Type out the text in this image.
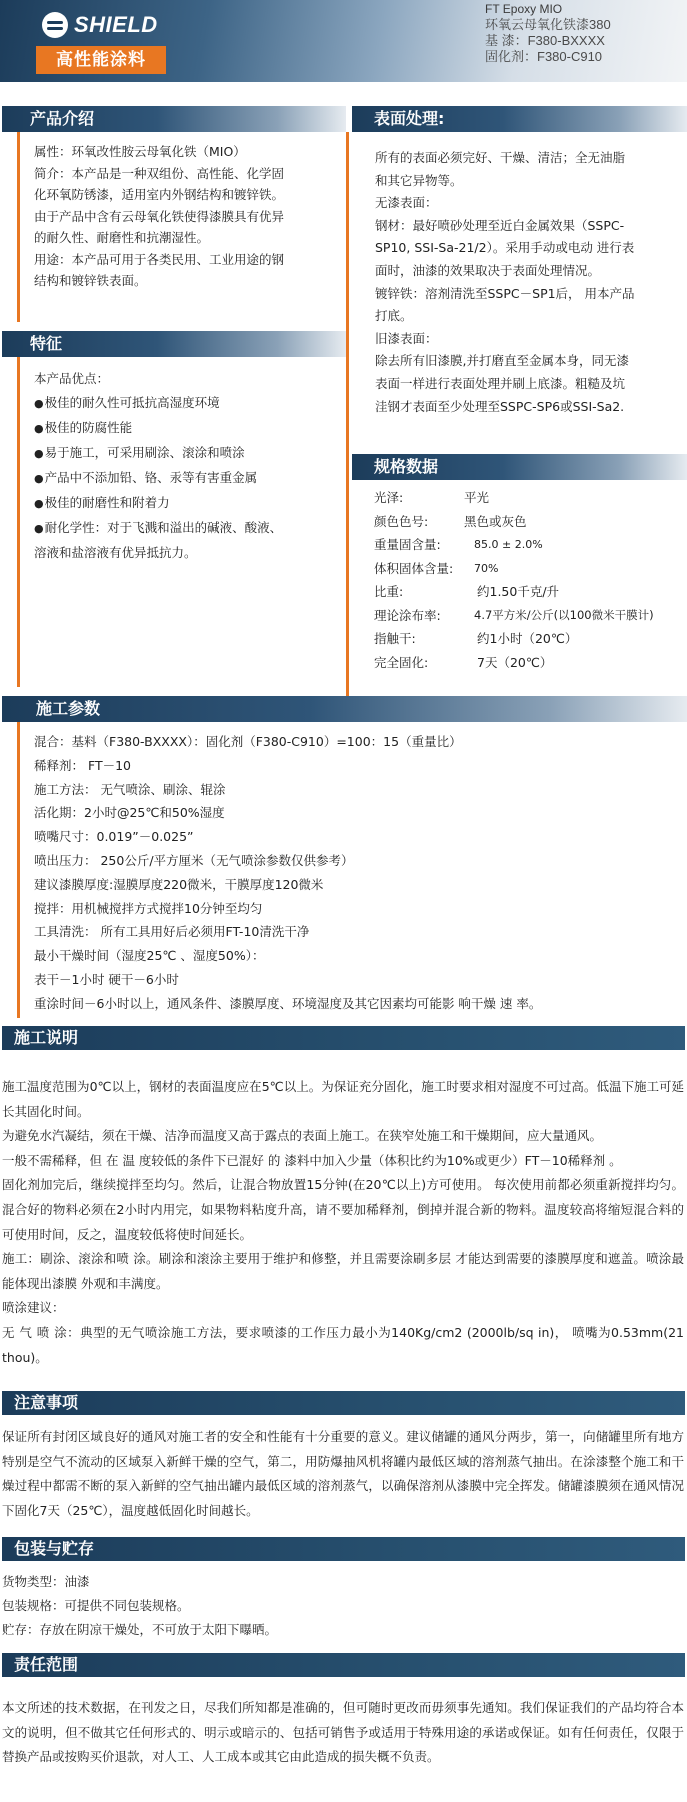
SHIELD
高性能涂料
FT Epoxy MIO
环氧云母氧化铁漆380
基 漆：F380-BXXXX
固化剂：F380-C910
产品介绍

属性：环氧改性胺云母氧化铁（MIO）

简介：本产品是一种双组份、高性能、化学固

化环氧防锈漆，适用室内外钢结构和镀锌铁。

由于产品中含有云母氧化铁使得漆膜具有优异

的耐久性、耐磨性和抗潮湿性。

用途：本产品可用于各类民用、工业用途的钢

结构和镀锌铁表面。

特征

本产品优点：

● 极佳的耐久性可抵抗高湿度环境

● 极佳的防腐性能

● 易于施工，可采用刷涂、滚涂和喷涂

● 产品中不添加铅、铬、汞等有害重金属

● 极佳的耐磨性和附着力

● 耐化学性：对于飞溅和溢出的碱液、酸液、

溶液和盐溶液有优异抵抗力。

表面处理:

所有的表面必须完好、干燥、清洁；全无油脂

和其它异物等。

无漆表面：

钢材：最好喷砂处理至近白金属效果（SSPC-

SP10, SSI-Sa-21/2）。采用手动或电动 进行表

面时，油漆的效果取决于表面处理情况。

镀锌铁：溶剂清洗至SSPC－SP1后， 用本产品

打底。

旧漆表面：

除去所有旧漆膜,并打磨直至金属本身，同无漆

表面一样进行表面处理并刷上底漆。粗糙及坑

洼钢才表面至少处理至SSPC-SP6或SSI-Sa2.

规格数据
光泽:	平光
颜色色号:	黑色或灰色
重量固含量:	85.0 ± 2.0%
体积固体含量:	70%
比重:	约1.50千克/升
理论涂布率:	4.7平方米/公斤(以100微米干膜计)
指触干:	约1小时（20℃）
完全固化:	7天（20℃）
施工参数

混合：基料（F380-BXXXX）：固化剂（F380-C910）=100：15（重量比）

稀释剂： FT－10

施工方法： 无气喷涂、刷涂、辊涂

活化期：2小时@25℃和50%湿度

喷嘴尺寸：0.019”－0.025”

喷出压力： 250公斤/平方厘米（无气喷涂参数仅供参考）

建议漆膜厚度:湿膜厚度220微米，干膜厚度120微米

搅拌：用机械搅拌方式搅拌10分钟至均匀

工具清洗： 所有工具用好后必须用FT-10清洗干净

最小干燥时间（湿度25℃ 、湿度50%）：

表干－1小时 硬干－6小时

重涂时间－6小时以上，通风条件、漆膜厚度、环境湿度及其它因素均可能影 响干燥 速 率。

施工说明

施工温度范围为0℃以上，钢材的表面温度应在5℃以上。为保证充分固化，施工时要求相对湿度不可过高。低温下施工可延长其固化时间。

为避免水汽凝结，须在干燥、洁净而温度又高于露点的表面上施工。在狭窄处施工和干燥期间，应大量通风。

一般不需稀释，但 在 温 度较低的条件下已混好 的 漆料中加入少量（体积比约为10%或更少）FT－10稀释剂 。

固化剂加完后，继续搅拌至均匀。然后，让混合物放置15分钟(在20℃以上)方可使用。 每次使用前都必须重新搅拌均匀。混合好的物料必须在2小时内用完，如果物料粘度升高，请不要加稀释剂，倒掉并混合新的物料。温度较高将缩短混合料的可使用时间，反之，温度较低将使时间延长。

施工：刷涂、滚涂和喷 涂。刷涂和滚涂主要用于维护和修整，并且需要涂刷多层 才能达到需要的漆膜厚度和遮盖。喷涂最能体现出漆膜 外观和丰满度。

喷涂建议：

无 气 喷 涂：典型的无气喷涂施工方法，要求喷漆的工作压力最小为140Kg/cm2 (2000lb/sq in)， 喷嘴为0.53mm(21 thou)。

注意事项

保证所有封闭区域良好的通风对施工者的安全和性能有十分重要的意义。建议储罐的通风分两步，第一，向储罐里所有地方特别是空气不流动的区域泵入新鲜干燥的空气，第二，用防爆抽风机将罐内最低区域的溶剂蒸气抽出。在涂漆整个施工和干燥过程中都需不断的泵入新鲜的空气抽出罐内最低区域的溶剂蒸气，以确保溶剂从漆膜中完全挥发。储罐漆膜须在通风情况下固化7天（25℃），温度越低固化时间越长。

包装与贮存

货物类型：油漆

包装规格：可提供不同包装规格。

贮存：存放在阴凉干燥处，不可放于太阳下曝晒。

责任范围

本文所述的技术数据，在刊发之日，尽我们所知都是准确的，但可随时更改而毋须事先通知。我们保证我们的产品均符合本文的说明，但不做其它任何形式的、明示或暗示的、包括可销售予或适用于特殊用途的承诺或保证。如有任何责任，仅限于替换产品或按购买价退款，对人工、人工成本或其它由此造成的损失概不负责。
